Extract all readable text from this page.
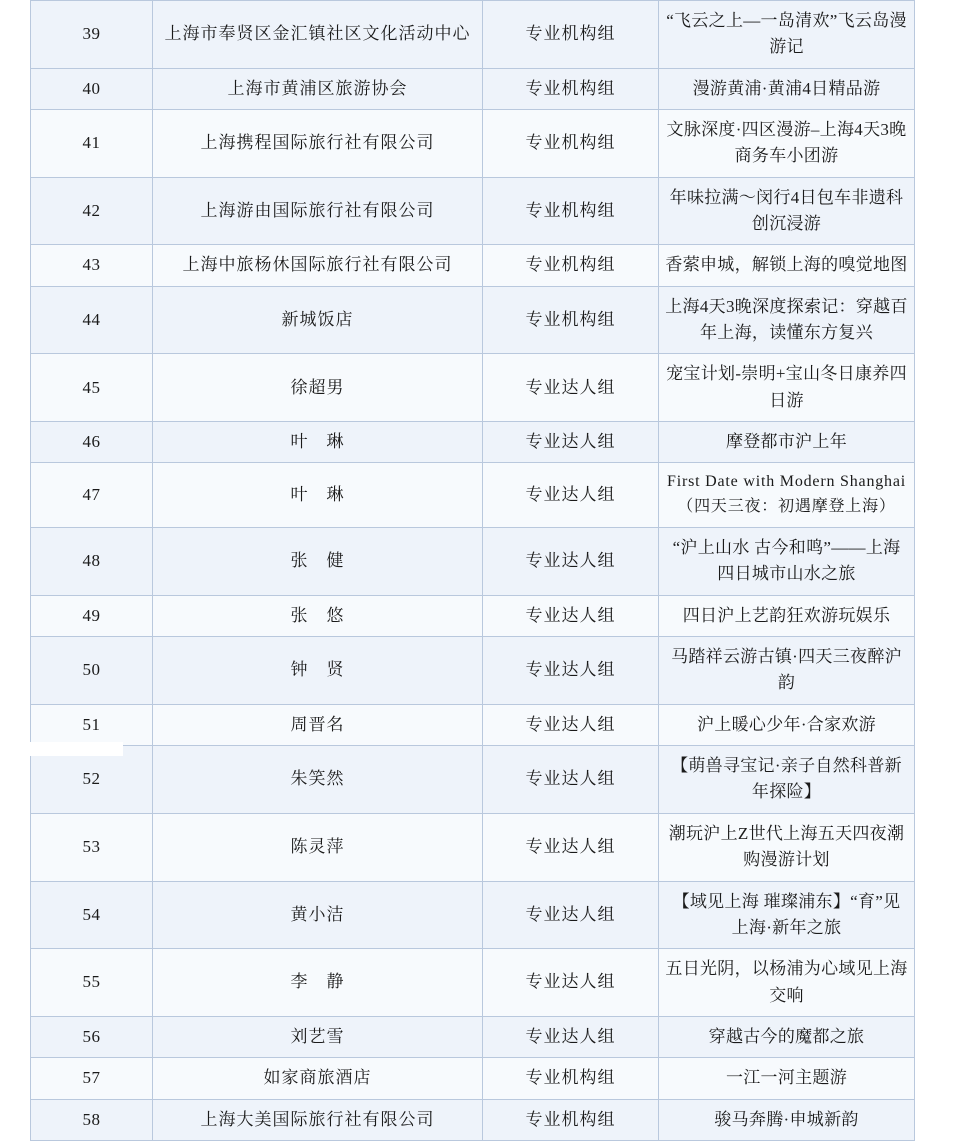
39	上海市奉贤区金汇镇社区文化活动中心	专业机构组	“飞云之上—一岛清欢”飞云岛漫游记
40	上海市黄浦区旅游协会	专业机构组	漫游黄浦·黄浦4日精品游
41	上海携程国际旅行社有限公司	专业机构组	文脉深度·四区漫游–上海4天3晚商务车小团游
42	上海游由国际旅行社有限公司	专业机构组	年味拉满～闵行4日包车非遗科创沉浸游
43	上海中旅杨休国际旅行社有限公司	专业机构组	香萦申城，解锁上海的嗅觉地图
44	新城饭店	专业机构组	上海4天3晚深度探索记：穿越百年上海，读懂东方复兴
45	徐超男	专业达人组	宠宝计划-崇明+宝山冬日康养四日游
46	叶　琳	专业达人组	摩登都市沪上年
47	叶　琳	专业达人组	First Date with Modern Shanghai（四天三夜：初遇摩登上海）
48	张　健	专业达人组	“沪上山水 古今和鸣”——上海四日城市山水之旅
49	张　悠	专业达人组	四日沪上艺韵狂欢游玩娱乐
50	钟　贤	专业达人组	马踏祥云游古镇·四天三夜醉沪韵
51	周晋名	专业达人组	沪上暖心少年·合家欢游
52	朱笑然	专业达人组	【萌兽寻宝记·亲子自然科普新年探险】
53	陈灵萍	专业达人组	潮玩沪上Z世代上海五天四夜潮购漫游计划
54	黄小洁	专业达人组	【域见上海 璀璨浦东】“育”见上海·新年之旅
55	李　静	专业达人组	五日光阴，以杨浦为心域见上海交响
56	刘艺雪	专业达人组	穿越古今的魔都之旅
57	如家商旅酒店	专业机构组	一江一河主题游
58	上海大美国际旅行社有限公司	专业机构组	骏马奔腾·申城新韵
